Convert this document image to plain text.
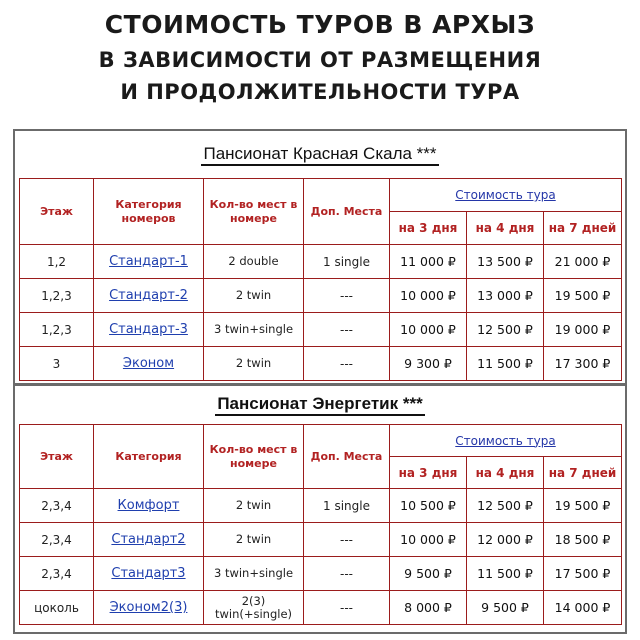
СТОИМОСТЬ ТУРОВ В АРХЫЗ
В ЗАВИСИМОСТИ ОТ РАЗМЕЩЕНИЯ
И ПРОДОЛЖИТЕЛЬНОСТИ ТУРА
Пансионат Красная Скала ***
Этаж	Категория номеров	Кол-во мест в номере	Доп. Места	Стоимость тура		
				на 3 дня	на 4 дня	на 7 дней
1,2	Стандарт-1	2 double	1 single	11 000 ₽	13 500 ₽	21 000 ₽
1,2,3	Стандарт-2	2 twin	---	10 000 ₽	13 000 ₽	19 500 ₽
1,2,3	Стандарт-3	3 twin+single	---	10 000 ₽	12 500 ₽	19 000 ₽
3	Эконом	2 twin	---	9 300 ₽	11 500 ₽	17 300 ₽
Пансионат Энергетик ***
Этаж	Категория	Кол-во мест в номере	Доп. Места	Стоимость тура		
				на 3 дня	на 4 дня	на 7 дней
2,3,4	Комфорт	2 twin	1 single	10 500 ₽	12 500 ₽	19 500 ₽
2,3,4	Стандарт2	2 twin	---	10 000 ₽	12 000 ₽	18 500 ₽
2,3,4	Стандарт3	3 twin+single	---	9 500 ₽	11 500 ₽	17 500 ₽
цоколь	Эконом2(3)	2(3) twin(+single)	---	8 000 ₽	9 500 ₽	14 000 ₽
